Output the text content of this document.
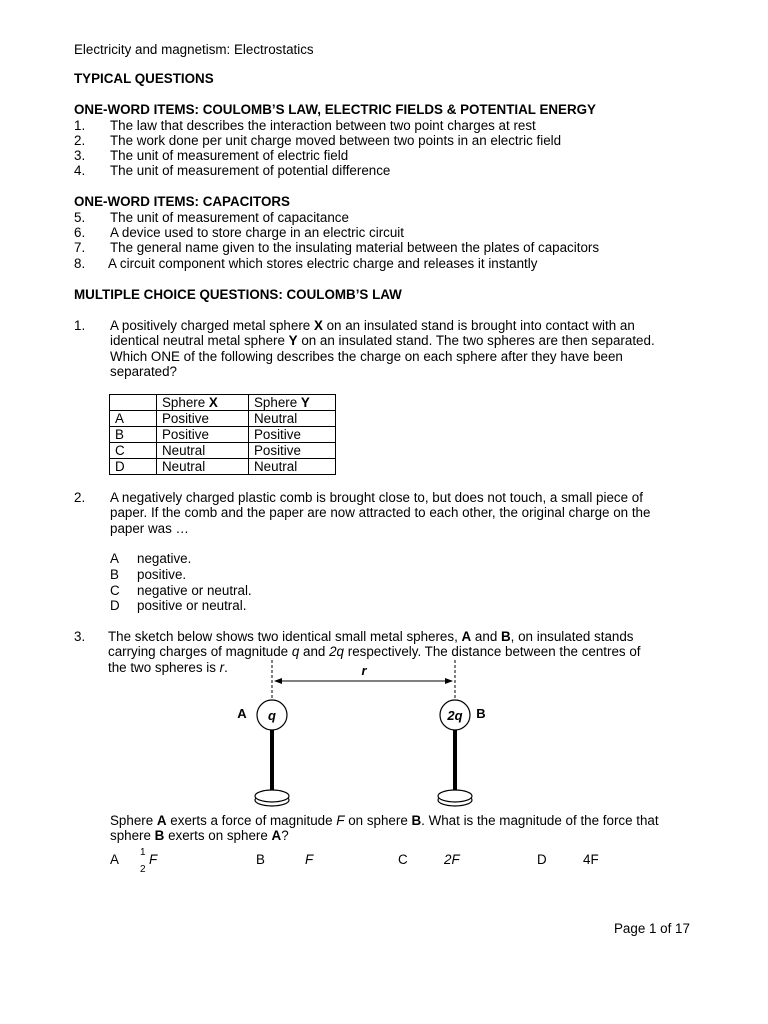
Electricity and magnetism: Electrostatics
TYPICAL QUESTIONS
ONE-WORD ITEMS: COULOMB’S LAW, ELECTRIC FIELDS & POTENTIAL ENERGY
1. The law that describes the interaction between two point charges at rest
2. The work done per unit charge moved between two points in an electric field
3. The unit of measurement of electric field
4. The unit of measurement of potential difference
ONE-WORD ITEMS: CAPACITORS
5. The unit of measurement of capacitance
6. A device used to store charge in an electric circuit
7. The general name given to the insulating material between the plates of capacitors
8. A circuit component which stores electric charge and releases it instantly
MULTIPLE CHOICE QUESTIONS: COULOMB’S LAW
1. A positively charged metal sphere X on an insulated stand is brought into contact with an
identical neutral metal sphere Y on an insulated stand. The two spheres are then separated.
Which ONE of the following describes the charge on each sphere after they have been
separated?
	Sphere X	Sphere Y
A	Positive	Neutral
B	Positive	Positive
C	Neutral	Positive
D	Neutral	Neutral
2. A negatively charged plastic comb is brought close to, but does not touch, a small piece of
paper. If the comb and the paper are now attracted to each other, the original charge on the
paper was …
A negative.
B positive.
C negative or neutral.
D positive or neutral.
3. The sketch below shows two identical small metal spheres, A and B, on insulated stands
carrying charges of magnitude q and 2q respectively. The distance between the centres of
the two spheres is r.	r
q
A	2q B
Sphere A exerts a force of magnitude F on sphere B. What is the magnitude of the force that
sphere B exerts on sphere A?
A 1
2
F	B	F	C	2F	D	4F
Page 1 of 17
